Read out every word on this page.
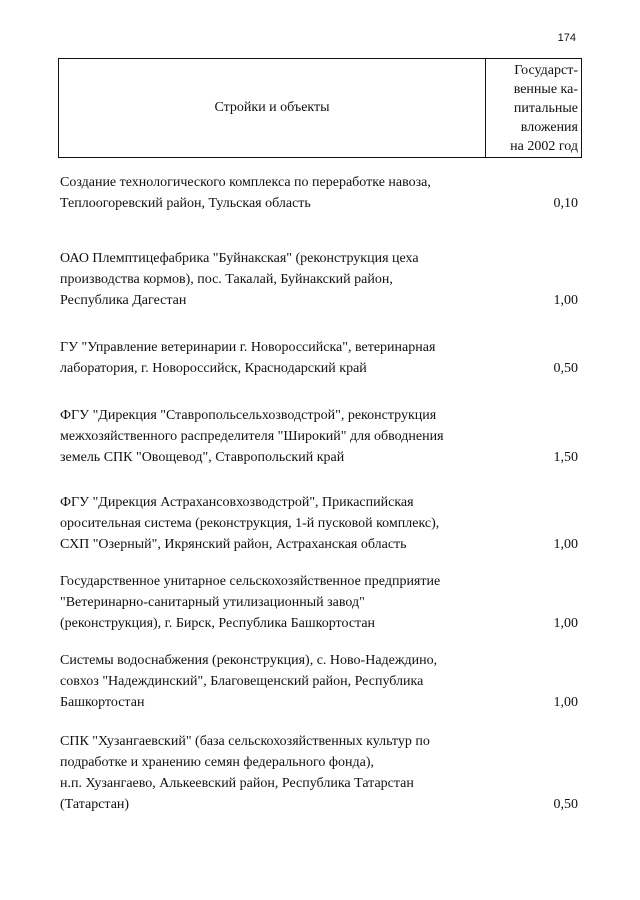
174
Стройки и объекты
Государст-
венные ка-
питальные
вложения
на 2002 год
Создание технологического комплекса по переработке навоза,
Теплоогоревский район, Тульская область	0,10
ОАО Племптицефабрика "Буйнакская" (реконструкция цеха
производства кормов), пос. Такалай, Буйнакский район,
Республика Дагестан	1,00
ГУ "Управление ветеринарии г. Новороссийска", ветеринарная
лаборатория, г. Новороссийск, Краснодарский край	0,50
ФГУ "Дирекция "Ставропольсельхозводстрой", реконструкция
межхозяйственного распределителя "Широкий" для обводнения
земель СПК "Овощевод", Ставропольский край	1,50
ФГУ "Дирекция Астрахансовхозводстрой", Прикаспийская
оросительная система (реконструкция, 1-й пусковой комплекс),
СХП "Озерный", Икрянский район, Астраханская область	1,00
Государственное унитарное сельскохозяйственное предприятие
"Ветеринарно-санитарный утилизационный завод"
(реконструкция), г. Бирск, Республика Башкортостан	1,00
Системы водоснабжения (реконструкция), с. Ново-Надеждино,
совхоз "Надеждинский", Благовещенский район, Республика
Башкортостан	1,00
СПК "Хузангаевский" (база сельскохозяйственных культур по
подработке и хранению семян федерального фонда),
н.п. Хузангаево, Алькеевский район, Республика Татарстан
(Татарстан)	0,50
